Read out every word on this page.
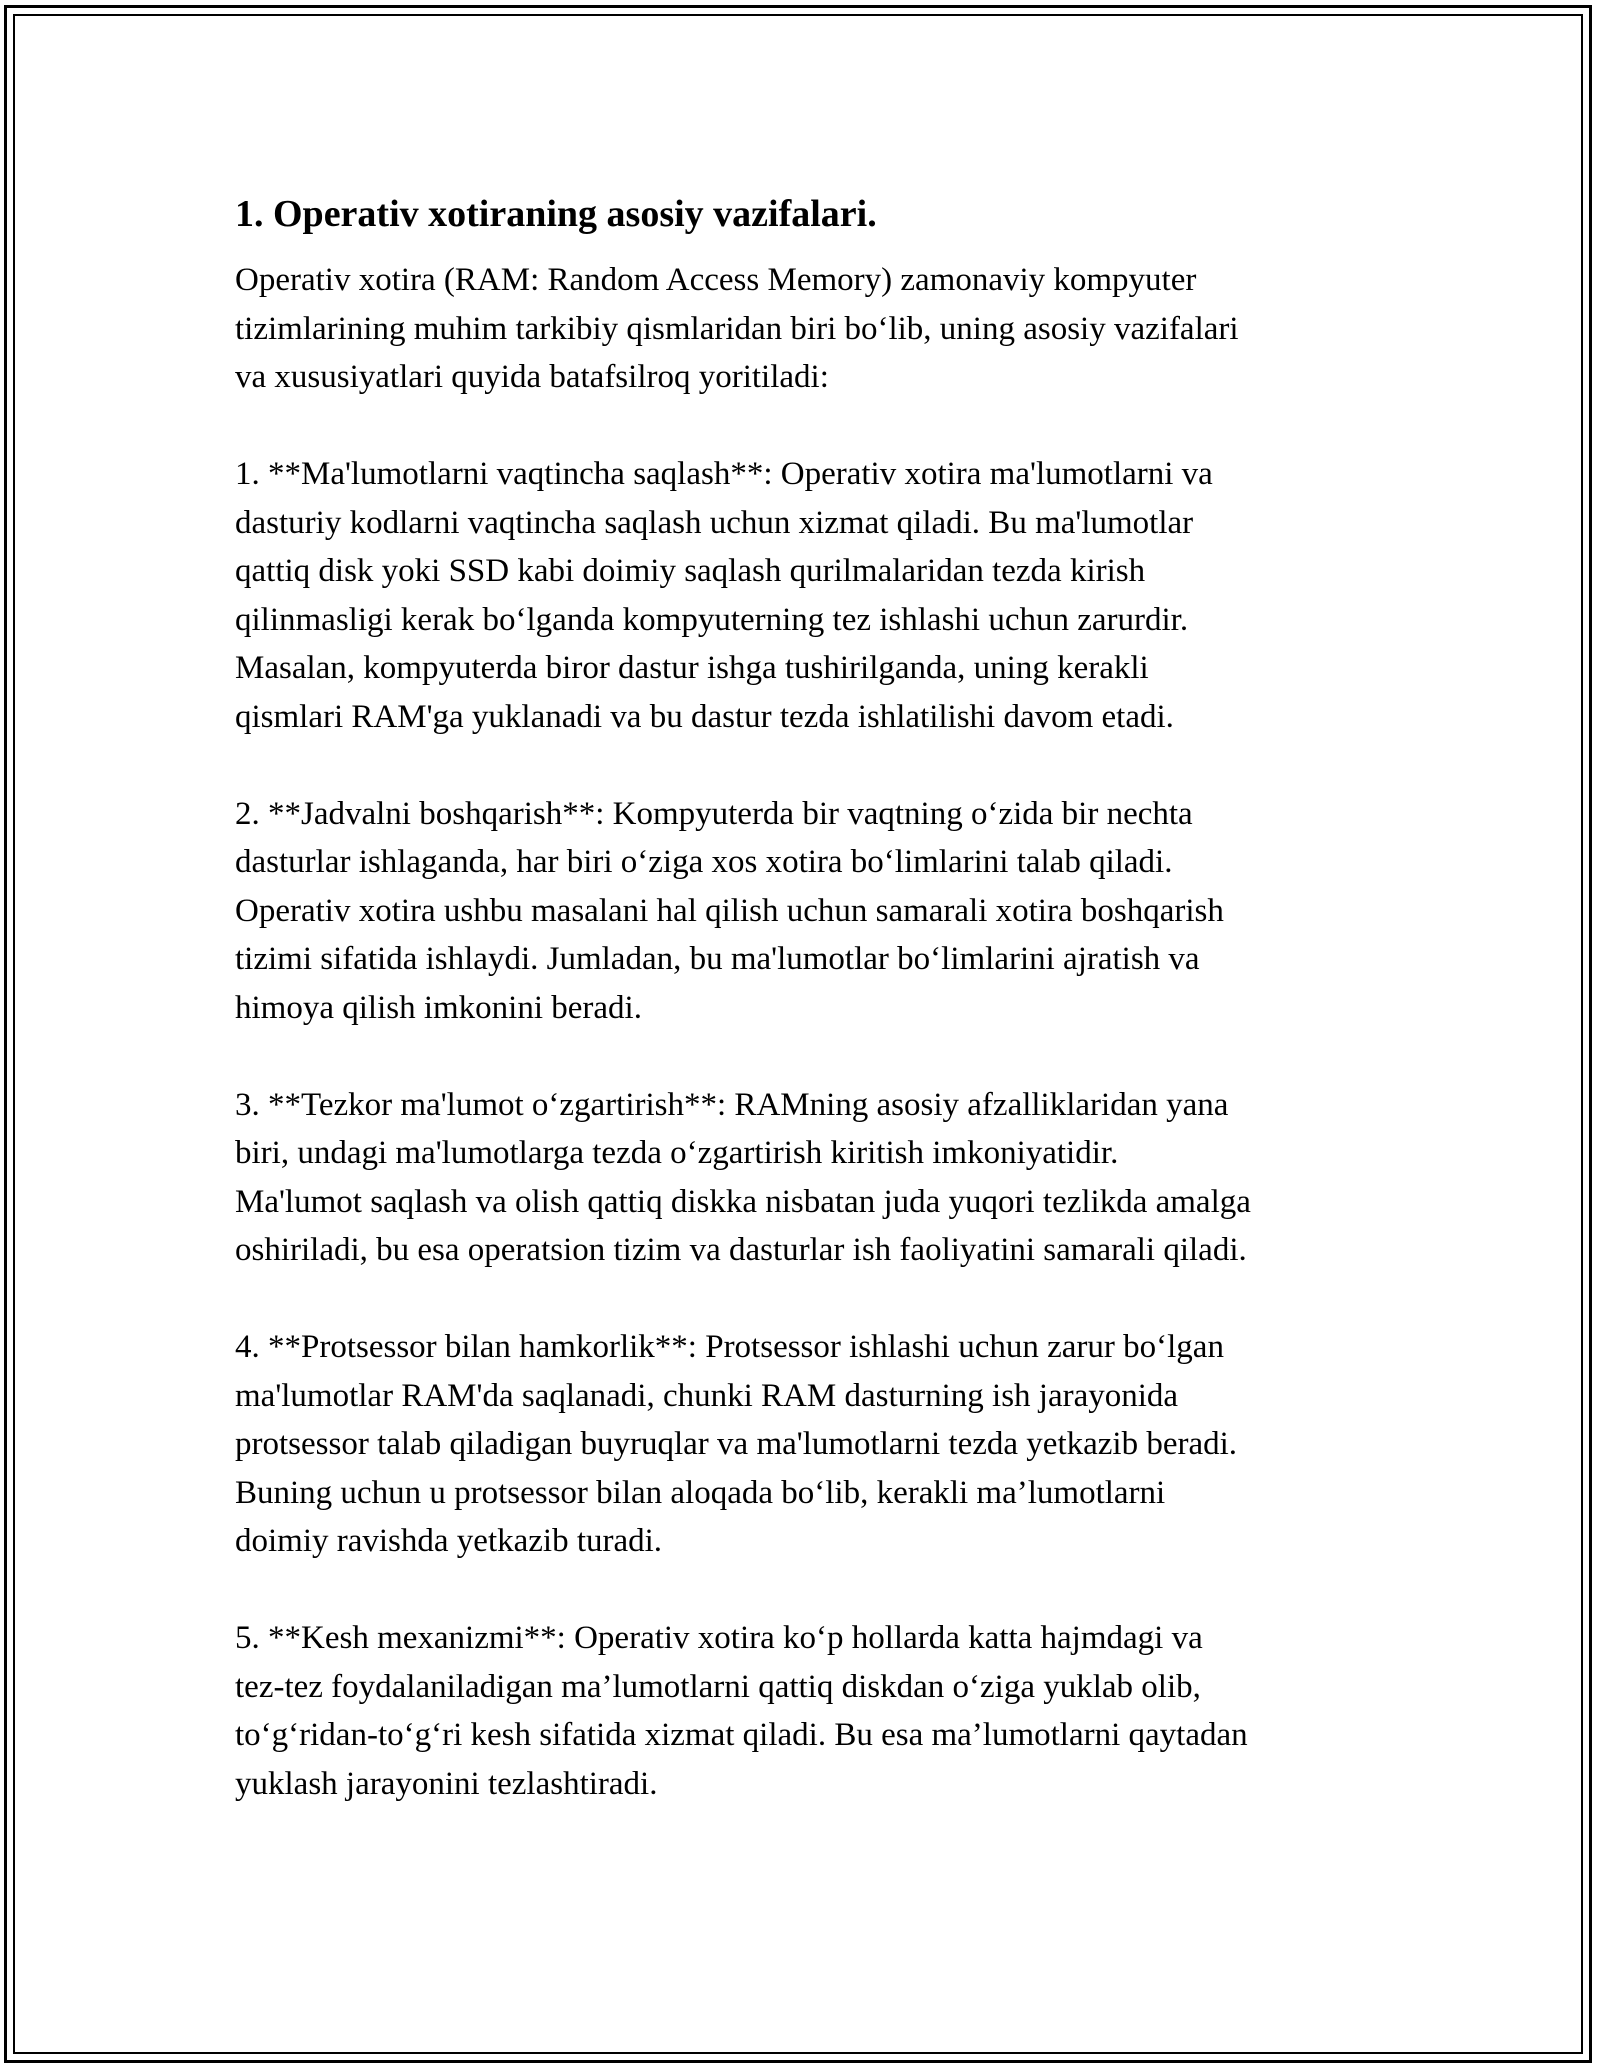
1. Operativ xotiraning asosiy vazifalari.
Operativ xotira (RAM: Random Access Memory) zamonaviy kompyuter
tizimlarining muhim tarkibiy qismlaridan biri bo‘lib, uning asosiy vazifalari
va xususiyatlari quyida batafsilroq yoritiladi:
1. **Ma'lumotlarni vaqtincha saqlash**: Operativ xotira ma'lumotlarni va
dasturiy kodlarni vaqtincha saqlash uchun xizmat qiladi. Bu ma'lumotlar
qattiq disk yoki SSD kabi doimiy saqlash qurilmalaridan tezda kirish
qilinmasligi kerak bo‘lganda kompyuterning tez ishlashi uchun zarurdir.
Masalan, kompyuterda biror dastur ishga tushirilganda, uning kerakli
qismlari RAM'ga yuklanadi va bu dastur tezda ishlatilishi davom etadi.
2. **Jadvalni boshqarish**: Kompyuterda bir vaqtning o‘zida bir nechta
dasturlar ishlaganda, har biri o‘ziga xos xotira bo‘limlarini talab qiladi.
Operativ xotira ushbu masalani hal qilish uchun samarali xotira boshqarish
tizimi sifatida ishlaydi. Jumladan, bu ma'lumotlar bo‘limlarini ajratish va
himoya qilish imkonini beradi.
3. **Tezkor ma'lumot o‘zgartirish**: RAMning asosiy afzalliklaridan yana
biri, undagi ma'lumotlarga tezda o‘zgartirish kiritish imkoniyatidir.
Ma'lumot saqlash va olish qattiq diskka nisbatan juda yuqori tezlikda amalga
oshiriladi, bu esa operatsion tizim va dasturlar ish faoliyatini samarali qiladi.
4. **Protsessor bilan hamkorlik**: Protsessor ishlashi uchun zarur bo‘lgan
ma'lumotlar RAM'da saqlanadi, chunki RAM dasturning ish jarayonida
protsessor talab qiladigan buyruqlar va ma'lumotlarni tezda yetkazib beradi.
Buning uchun u protsessor bilan aloqada bo‘lib, kerakli ma’lumotlarni
doimiy ravishda yetkazib turadi.
5. **Kesh mexanizmi**: Operativ xotira ko‘p hollarda katta hajmdagi va
tez-tez foydalaniladigan ma’lumotlarni qattiq diskdan o‘ziga yuklab olib,
to‘g‘ridan-to‘g‘ri kesh sifatida xizmat qiladi. Bu esa ma’lumotlarni qaytadan
yuklash jarayonini tezlashtiradi.
